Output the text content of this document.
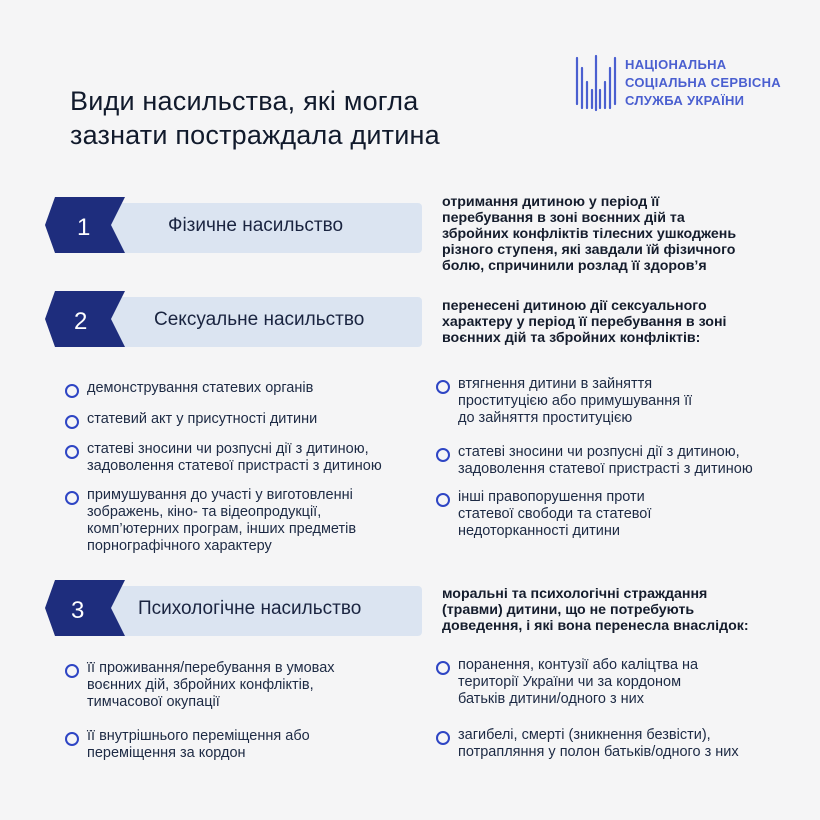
НАЦІОНАЛЬНА
СОЦІАЛЬНА СЕРВІСНА
СЛУЖБА УКРАЇНИ
Види насильства, які могла
зазнати постраждала дитина
1	Фізичне насильство
отримання дитиною у період її
перебування в зоні воєнних дій та
збройних конфліктів тілесних ушкоджень
різного ступеня, які завдали їй фізичного
болю, спричинили розлад її здоров’я
2	Сексуальне насильство
перенесені дитиною дії сексуального
характеру у період її перебування в зоні
воєнних дій та збройних конфліктів:
демонстрування статевих органів
статевий акт у присутності дитини
статеві зносини чи розпусні дії з дитиною,
задоволення статевої пристрасті з дитиною
примушування до участі у виготовленні
зображень, кіно- та відеопродукції,
комп’ютерних програм, інших предметів
порнографічного характеру
втягнення дитини в зайняття
проституцією або примушування її
до зайняття проституцією
статеві зносини чи розпусні дії з дитиною,
задоволення статевої пристрасті з дитиною
інші правопорушення проти
статевої свободи та статевої
недоторканності дитини
3	Психологічне насильство
моральні та психологічні страждання
(травми) дитини, що не потребують
доведення, і які вона перенесла внаслідок:
її проживання/перебування в умовах
воєнних дій, збройних конфліктів,
тимчасової окупації
її внутрішнього переміщення або
переміщення за кордон
поранення, контузії або каліцтва на
території України чи за кордоном
батьків дитини/одного з них
загибелі, смерті (зникнення безвісти),
потрапляння у полон батьків/одного з них
